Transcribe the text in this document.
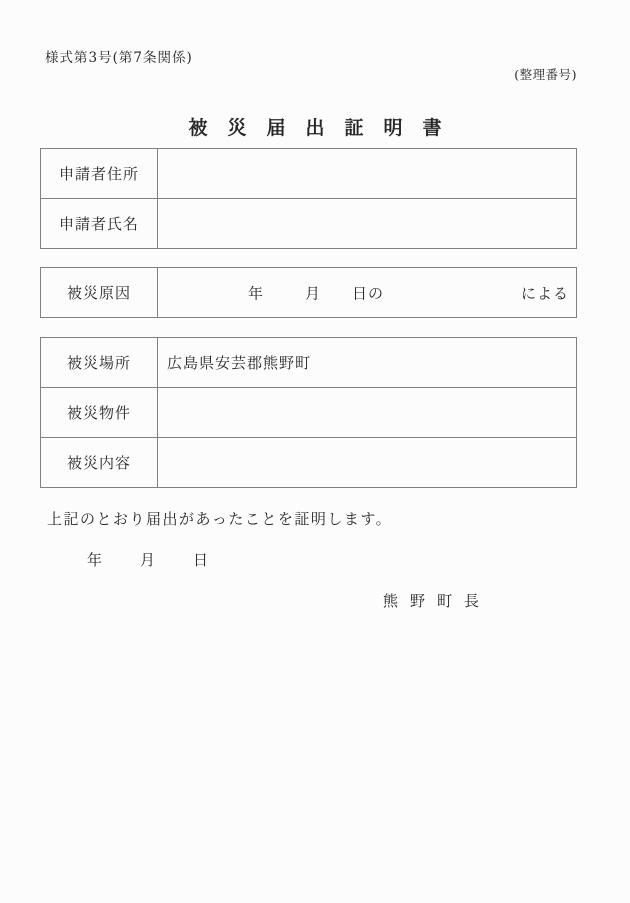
様式第3号(第7条関係)
(整理番号)
被災届出証明書
申請者住所
申請者氏名
被災原因	年	月 日の	による
被災場所	広島県安芸郡熊野町
被災物件
被災内容
上記のとおり届出があったことを証明します。
年	月	日
熊野町長
